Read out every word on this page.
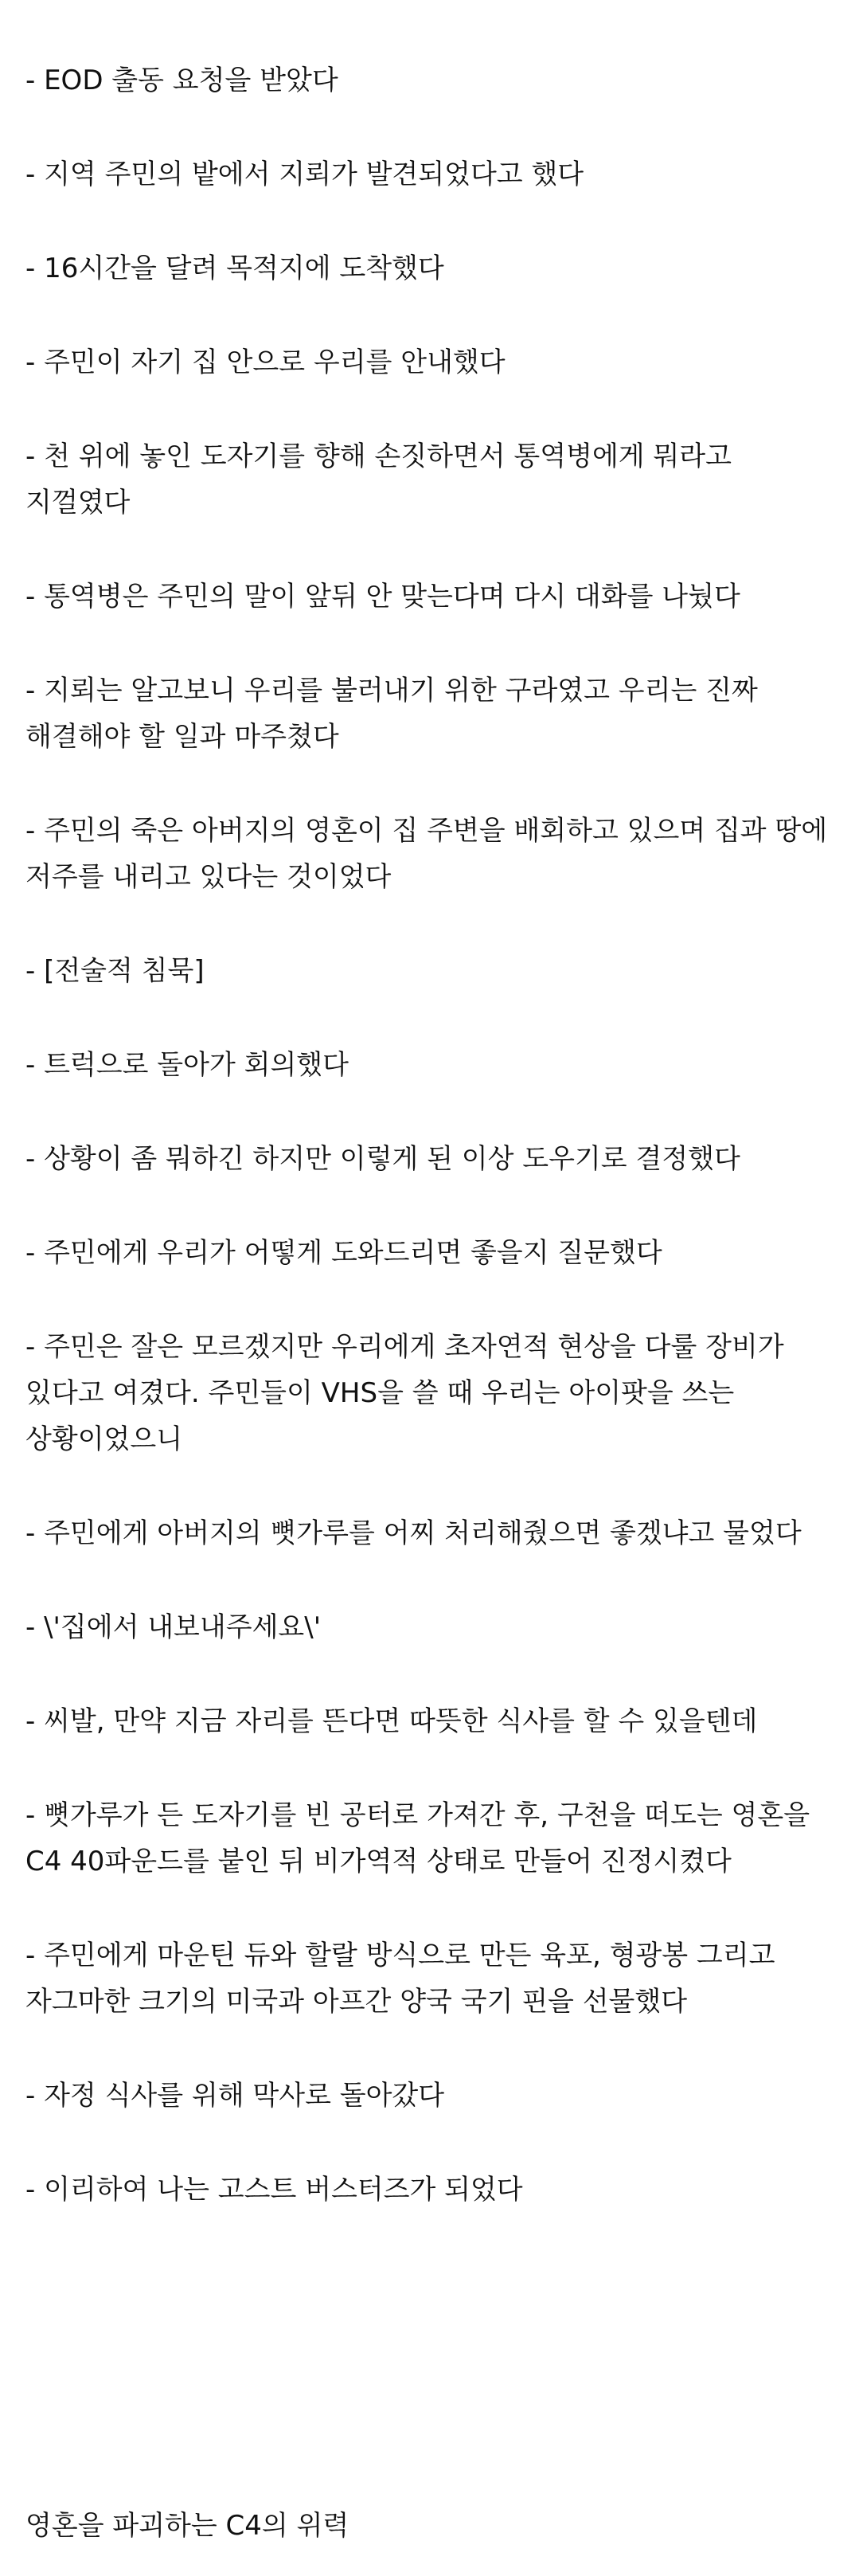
- EOD 출동 요청을 받았다

- 지역 주민의 밭에서 지뢰가 발견되었다고 했다

- 16시간을 달려 목적지에 도착했다

- 주민이 자기 집 안으로 우리를 안내했다

- 천 위에 놓인 도자기를 향해 손짓하면서 통역병에게 뭐라고 지껄였다

- 통역병은 주민의 말이 앞뒤 안 맞는다며 다시 대화를 나눴다

- 지뢰는 알고보니 우리를 불러내기 위한 구라였고 우리는 진짜 해결해야 할 일과 마주쳤다

- 주민의 죽은 아버지의 영혼이 집 주변을 배회하고 있으며 집과 땅에 저주를 내리고 있다는 것이었다

- [전술적 침묵]

- 트럭으로 돌아가 회의했다

- 상황이 좀 뭐하긴 하지만 이렇게 된 이상 도우기로 결정했다

- 주민에게 우리가 어떻게 도와드리면 좋을지 질문했다

- 주민은 잘은 모르겠지만 우리에게 초자연적 현상을 다룰 장비가 있다고 여겼다. 주민들이 VHS을 쓸 때 우리는 아이팟을 쓰는 상황이었으니

- 주민에게 아버지의 뼛가루를 어찌 처리해줬으면 좋겠냐고 물었다

- \'집에서 내보내주세요\'

- 씨발, 만약 지금 자리를 뜬다면 따뜻한 식사를 할 수 있을텐데

- 뼛가루가 든 도자기를 빈 공터로 가져간 후, 구천을 떠도는 영혼을 C4 40파운드를 붙인 뒤 비가역적 상태로 만들어 진정시켰다

- 주민에게 마운틴 듀와 할랄 방식으로 만든 육포, 형광봉 그리고 자그마한 크기의 미국과 아프간 양국 국기 핀을 선물했다

- 자정 식사를 위해 막사로 돌아갔다

- 이리하여 나는 고스트 버스터즈가 되었다

영혼을 파괴하는 C4의 위력
